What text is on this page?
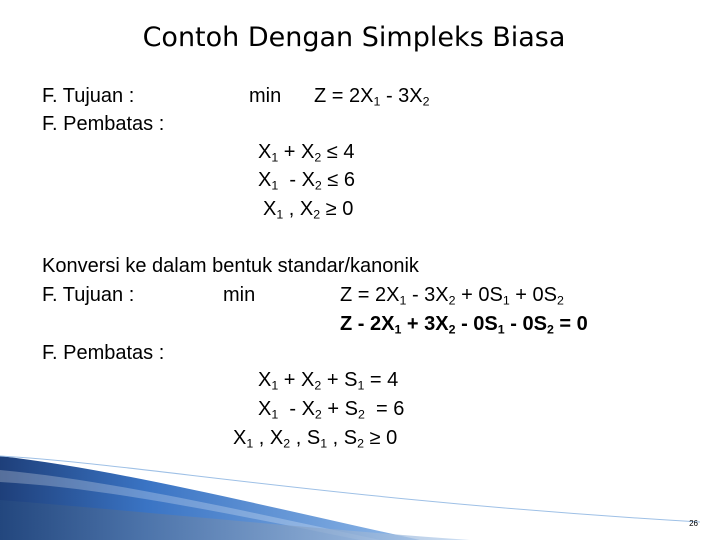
Contoh Dengan Simpleks Biasa
F. Tujuan :
F. Pembatas :
$\min Z = 2X_1 - 3X_2$
$X_1 + X_2 \le 4$
$X_1 - X_2 \le 6$
$X_1$ , $X_2 \ge 0$
Konversi ke dalam bentuk standar/kanonik
F. Tujuan :	min	$Z = 2X_1 - 3X_2 + 0S_1 + 0S_2$
$Z - 2X_1 + 3X_2 - 0S_1 - 0S_2 = 0$
F. Pembatas :
$X_1 + X_2 + S_1 = 4$
$X_1 - X_2 + S_2 = 6$
$X_1$ , $X_2$ , $S_1$ , $S_2 \ge 0$
26
